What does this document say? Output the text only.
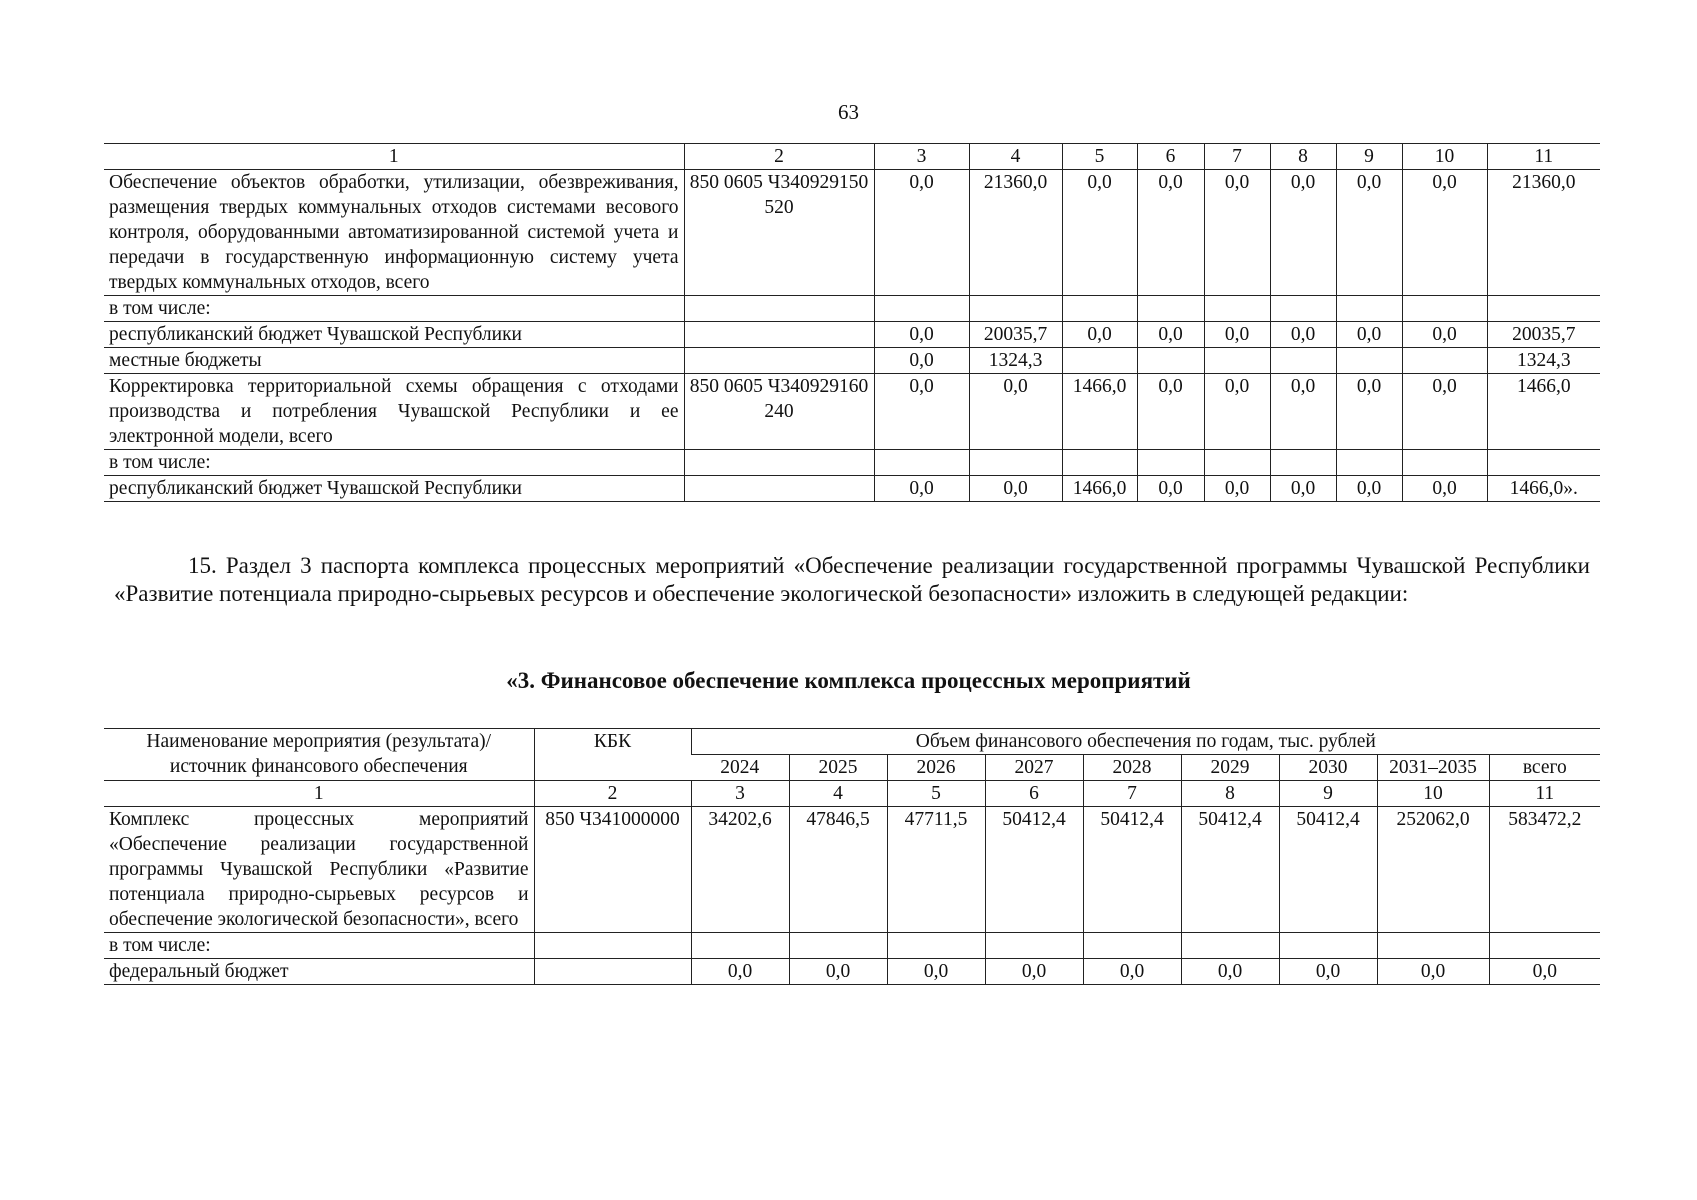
63
1	2	3	4	5	6	7	8	9	10	11
Обеспечение объектов обработки, утилизации, обезвреживания, размещения твердых коммунальных отходов системами весового контроля, оборудованными автоматизированной системой учета и передачи в государственную информационную систему учета твердых коммунальных отходов, всего	850 0605 Ч340929150 520	0,0	21360,0	0,0	0,0	0,0	0,0	0,0	0,0	21360,0
в том числе:										
республиканский бюджет Чувашской Республики		0,0	20035,7	0,0	0,0	0,0	0,0	0,0	0,0	20035,7
местные бюджеты		0,0	1324,3							1324,3
Корректировка территориальной схемы обращения с отходами производства и потребления Чувашской Республики и ее электронной модели, всего	850 0605 Ч340929160 240	0,0	0,0	1466,0	0,0	0,0	0,0	0,0	0,0	1466,0
в том числе:										
республиканский бюджет Чувашской Республики		0,0	0,0	1466,0	0,0	0,0	0,0	0,0	0,0	1466,0».

15. Раздел 3 паспорта комплекса процессных мероприятий «Обеспечение реализации государственной программы Чувашской Республики «Развитие потенциала природно-сырьевых ресурсов и обеспечение экологической безопасности» изложить в следующей редакции:

«3. Финансовое обеспечение комплекса процессных мероприятий
Наименование мероприятия (результата)/источник финансового обеспечения	КБК	Объем финансового обеспечения по годам, тыс. рублей								
		2024	2025	2026	2027	2028	2029	2030	2031–2035	всего
1	2	3	4	5	6	7	8	9	10	11
Комплекс процессных мероприятий «Обеспечение реализации государственной программы Чувашской Республики «Развитие потенциала природно-сырьевых ресурсов и обеспечение экологической безопасности», всего	850 Ч341000000	34202,6	47846,5	47711,5	50412,4	50412,4	50412,4	50412,4	252062,0	583472,2
в том числе:										
федеральный бюджет		0,0	0,0	0,0	0,0	0,0	0,0	0,0	0,0	0,0
